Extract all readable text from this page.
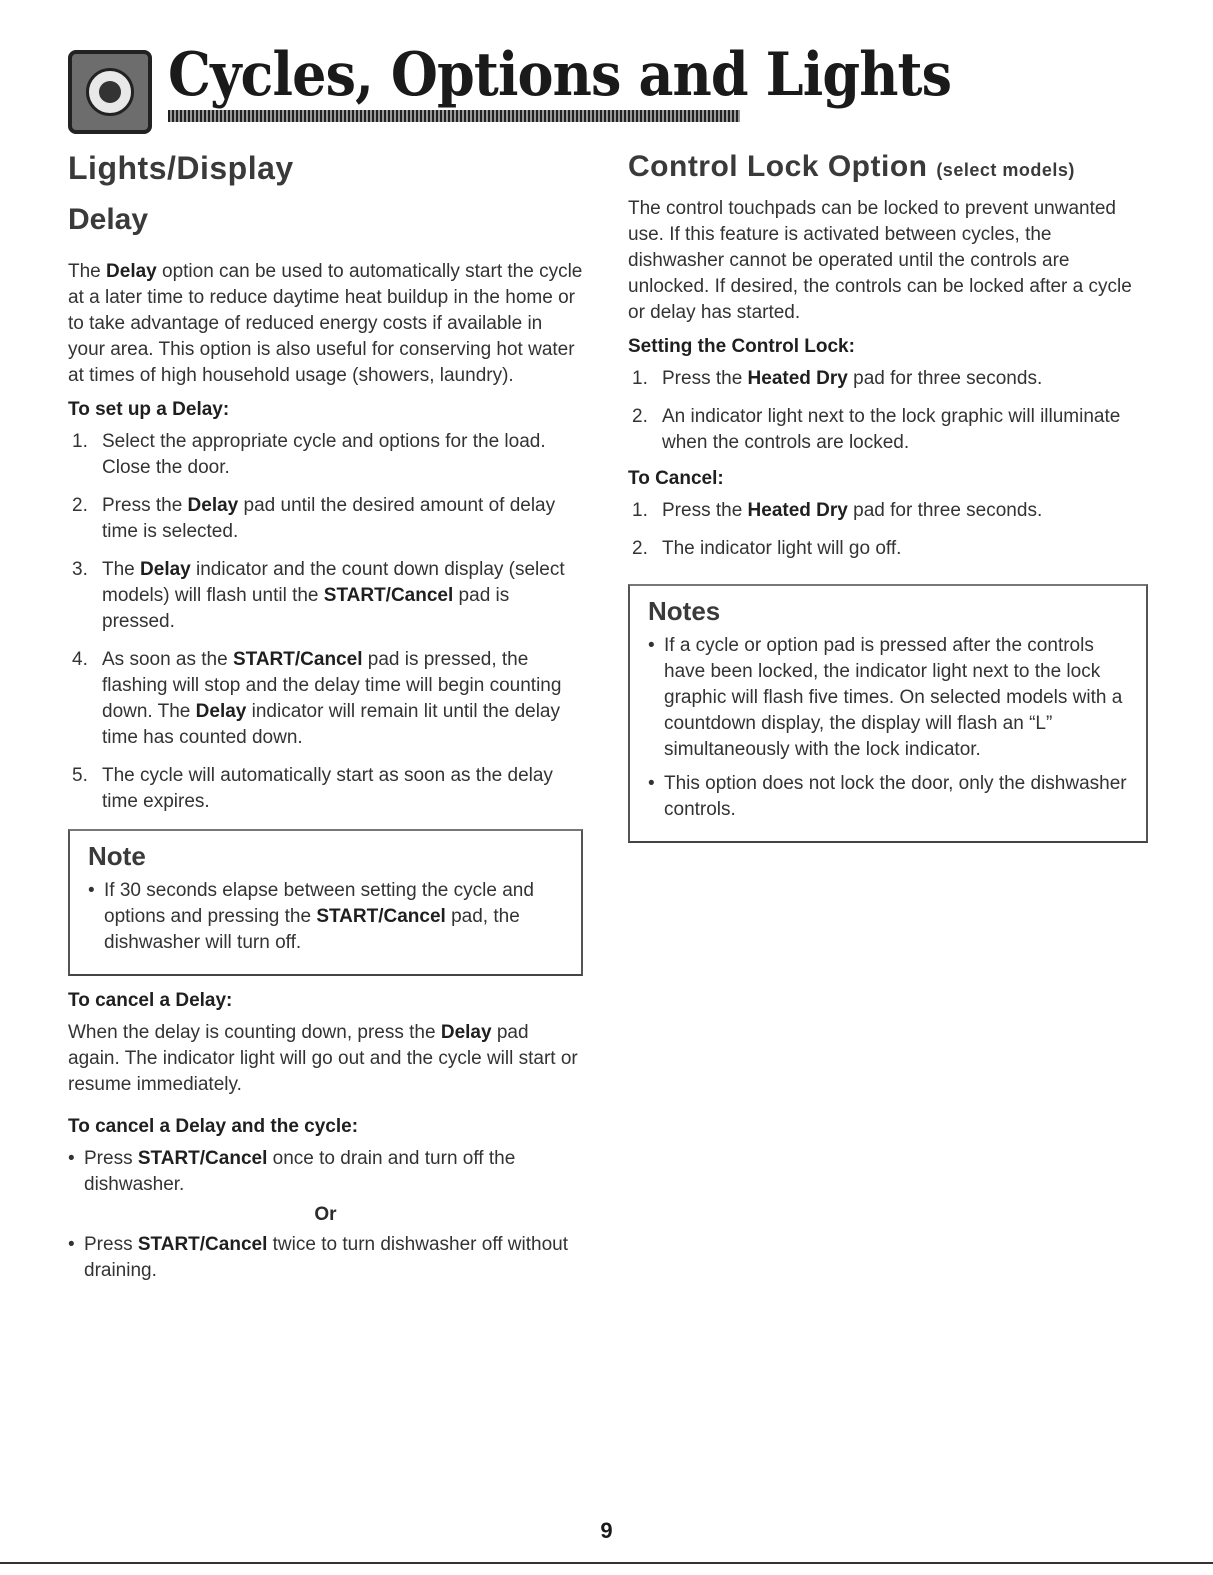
Cycles, Options and Lights
Lights/Display
Delay

The Delay option can be used to automatically start the cycle at a later time to reduce daytime heat buildup in the home or to take advantage of reduced energy costs if available in your area. This option is also useful for conserving hot water at times of high household usage (showers, laundry).

To set up a Delay:
1. Select the appropriate cycle and options for the load. Close the door.
2. Press the Delay pad until the desired amount of delay time is selected.
3. The Delay indicator and the count down display (select models) will flash until the START/Cancel pad is pressed.
4. As soon as the START/Cancel pad is pressed, the flashing will stop and the delay time will begin counting down. The Delay indicator will remain lit until the delay time has counted down.
5. The cycle will automatically start as soon as the delay time expires.
Note
• If 30 seconds elapse between setting the cycle and options and pressing the START/Cancel pad, the dishwasher will turn off.
To cancel a Delay:

When the delay is counting down, press the Delay pad again. The indicator light will go out and the cycle will start or resume immediately.

To cancel a Delay and the cycle:
• Press START/Cancel once to drain and turn off the dishwasher.
Or
• Press START/Cancel twice to turn dishwasher off without draining.
Control Lock Option (select models)

The control touchpads can be locked to prevent unwanted use. If this feature is activated between cycles, the dishwasher cannot be operated until the controls are unlocked. If desired, the controls can be locked after a cycle or delay has started.

Setting the Control Lock:
1. Press the Heated Dry pad for three seconds.
2. An indicator light next to the lock graphic will illuminate when the controls are locked.
To Cancel:
1. Press the Heated Dry pad for three seconds.
2. The indicator light will go off.
Notes
• If a cycle or option pad is pressed after the controls have been locked, the indicator light next to the lock graphic will flash five times. On selected models with a countdown display, the display will flash an “L” simultaneously with the lock indicator.
• This option does not lock the door, only the dishwasher controls.
9
